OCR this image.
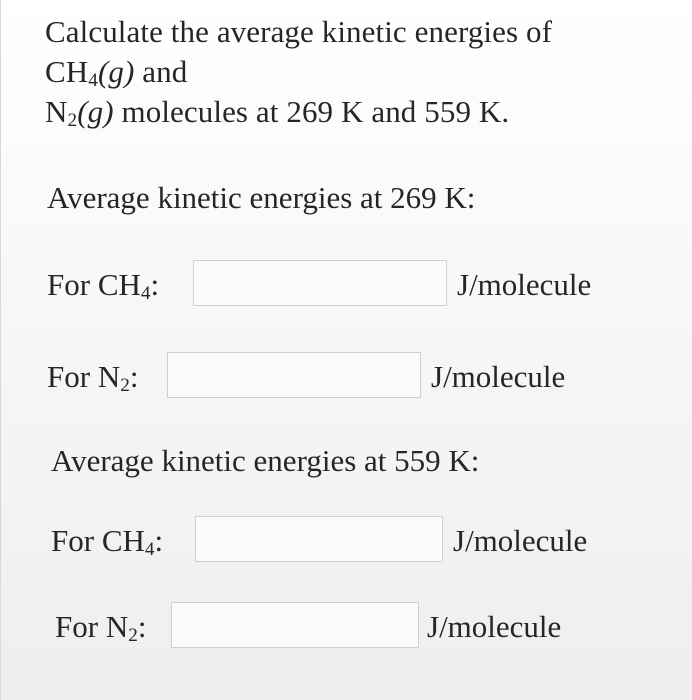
Calculate the average kinetic energies of
$CH_4(g)$ and
$N_2(g)$ molecules at 269 K and 559 K.
Average kinetic energies at 269 K:
For $CH_4$:	J/molecule
For $N_2$:	J/molecule
Average kinetic energies at 559 K:
For $CH_4$:	J/molecule
For $N_2$:	J/molecule
